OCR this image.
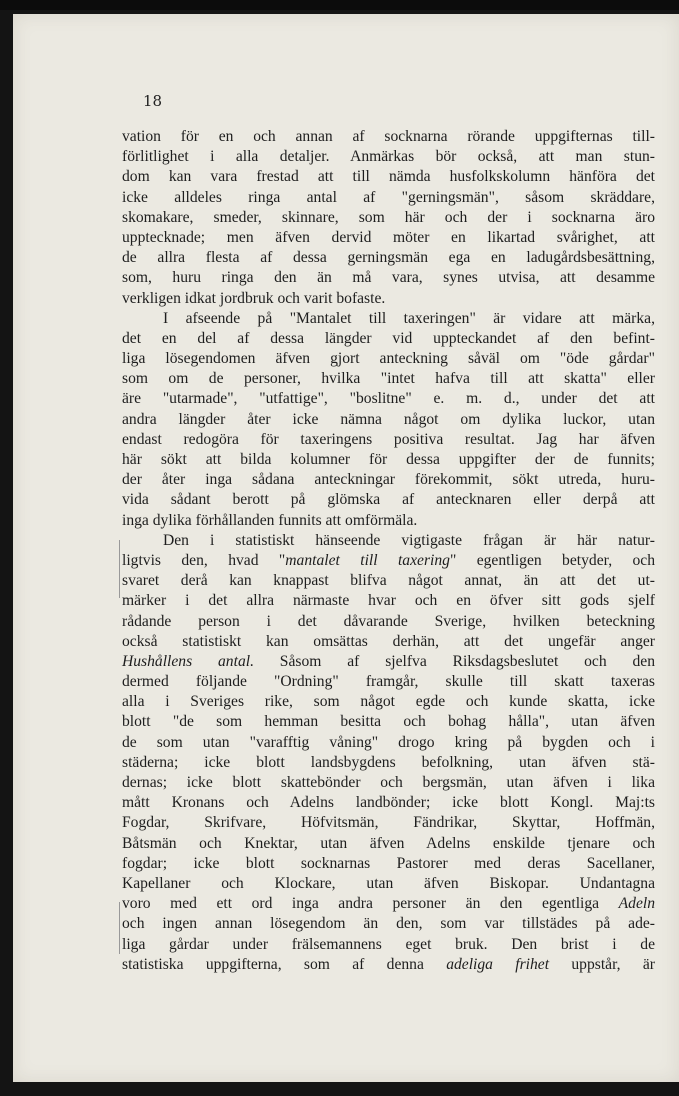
18
vation för en och annan af socknarna rörande uppgifternas till-
förlitlighet i alla detaljer. Anmärkas bör också, att man stun-
dom kan vara frestad att till nämda husfolkskolumn hänföra det
icke alldeles ringa antal af "gerningsmän", såsom skräddare,
skomakare, smeder, skinnare, som här och der i socknarna äro
upptecknade; men äfven dervid möter en likartad svårighet, att
de allra flesta af dessa gerningsmän ega en ladugårdsbesättning,
som, huru ringa den än må vara, synes utvisa, att desamme
verkligen idkat jordbruk och varit bofaste.
I afseende på "Mantalet till taxeringen" är vidare att märka,
det en del af dessa längder vid uppteckandet af den befint-
liga lösegendomen äfven gjort anteckning såväl om "öde gårdar"
som om de personer, hvilka "intet hafva till att skatta" eller
äre "utarmade", "utfattige", "boslitne" e. m. d., under det att
andra längder åter icke nämna något om dylika luckor, utan
endast redogöra för taxeringens positiva resultat. Jag har äfven
här sökt att bilda kolumner för dessa uppgifter der de funnits;
der åter inga sådana anteckningar förekommit, sökt utreda, huru-
vida sådant berott på glömska af antecknaren eller derpå att
inga dylika förhållanden funnits att omförmäla.
Den i statistiskt hänseende vigtigaste frågan är här natur-
ligtvis den, hvad "mantalet till taxering" egentligen betyder, och
svaret derå kan knappast blifva något annat, än att det ut-
märker i det allra närmaste hvar och en öfver sitt gods sjelf
rådande person i det dåvarande Sverige, hvilken beteckning
också statistiskt kan omsättas derhän, att det ungefär anger
Hushållens antal. Såsom af sjelfva Riksdagsbeslutet och den
dermed följande "Ordning" framgår, skulle till skatt taxeras
alla i Sveriges rike, som något egde och kunde skatta, icke
blott "de som hemman besitta och bohag hålla", utan äfven
de som utan "varafftig våning" drogo kring på bygden och i
städerna; icke blott landsbygdens befolkning, utan äfven stä-
dernas; icke blott skattebönder och bergsmän, utan äfven i lika
mått Kronans och Adelns landbönder; icke blott Kongl. Maj:ts
Fogdar, Skrifvare, Höfvitsmän, Fändrikar, Skyttar, Hoffmän,
Båtsmän och Knektar, utan äfven Adelns enskilde tjenare och
fogdar; icke blott socknarnas Pastorer med deras Sacellaner,
Kapellaner och Klockare, utan äfven Biskopar. Undantagna
voro med ett ord inga andra personer än den egentliga Adeln
och ingen annan lösegendom än den, som var tillstädes på ade-
liga gårdar under frälsemannens eget bruk. Den brist i de
statistiska uppgifterna, som af denna adeliga frihet uppstår, är
